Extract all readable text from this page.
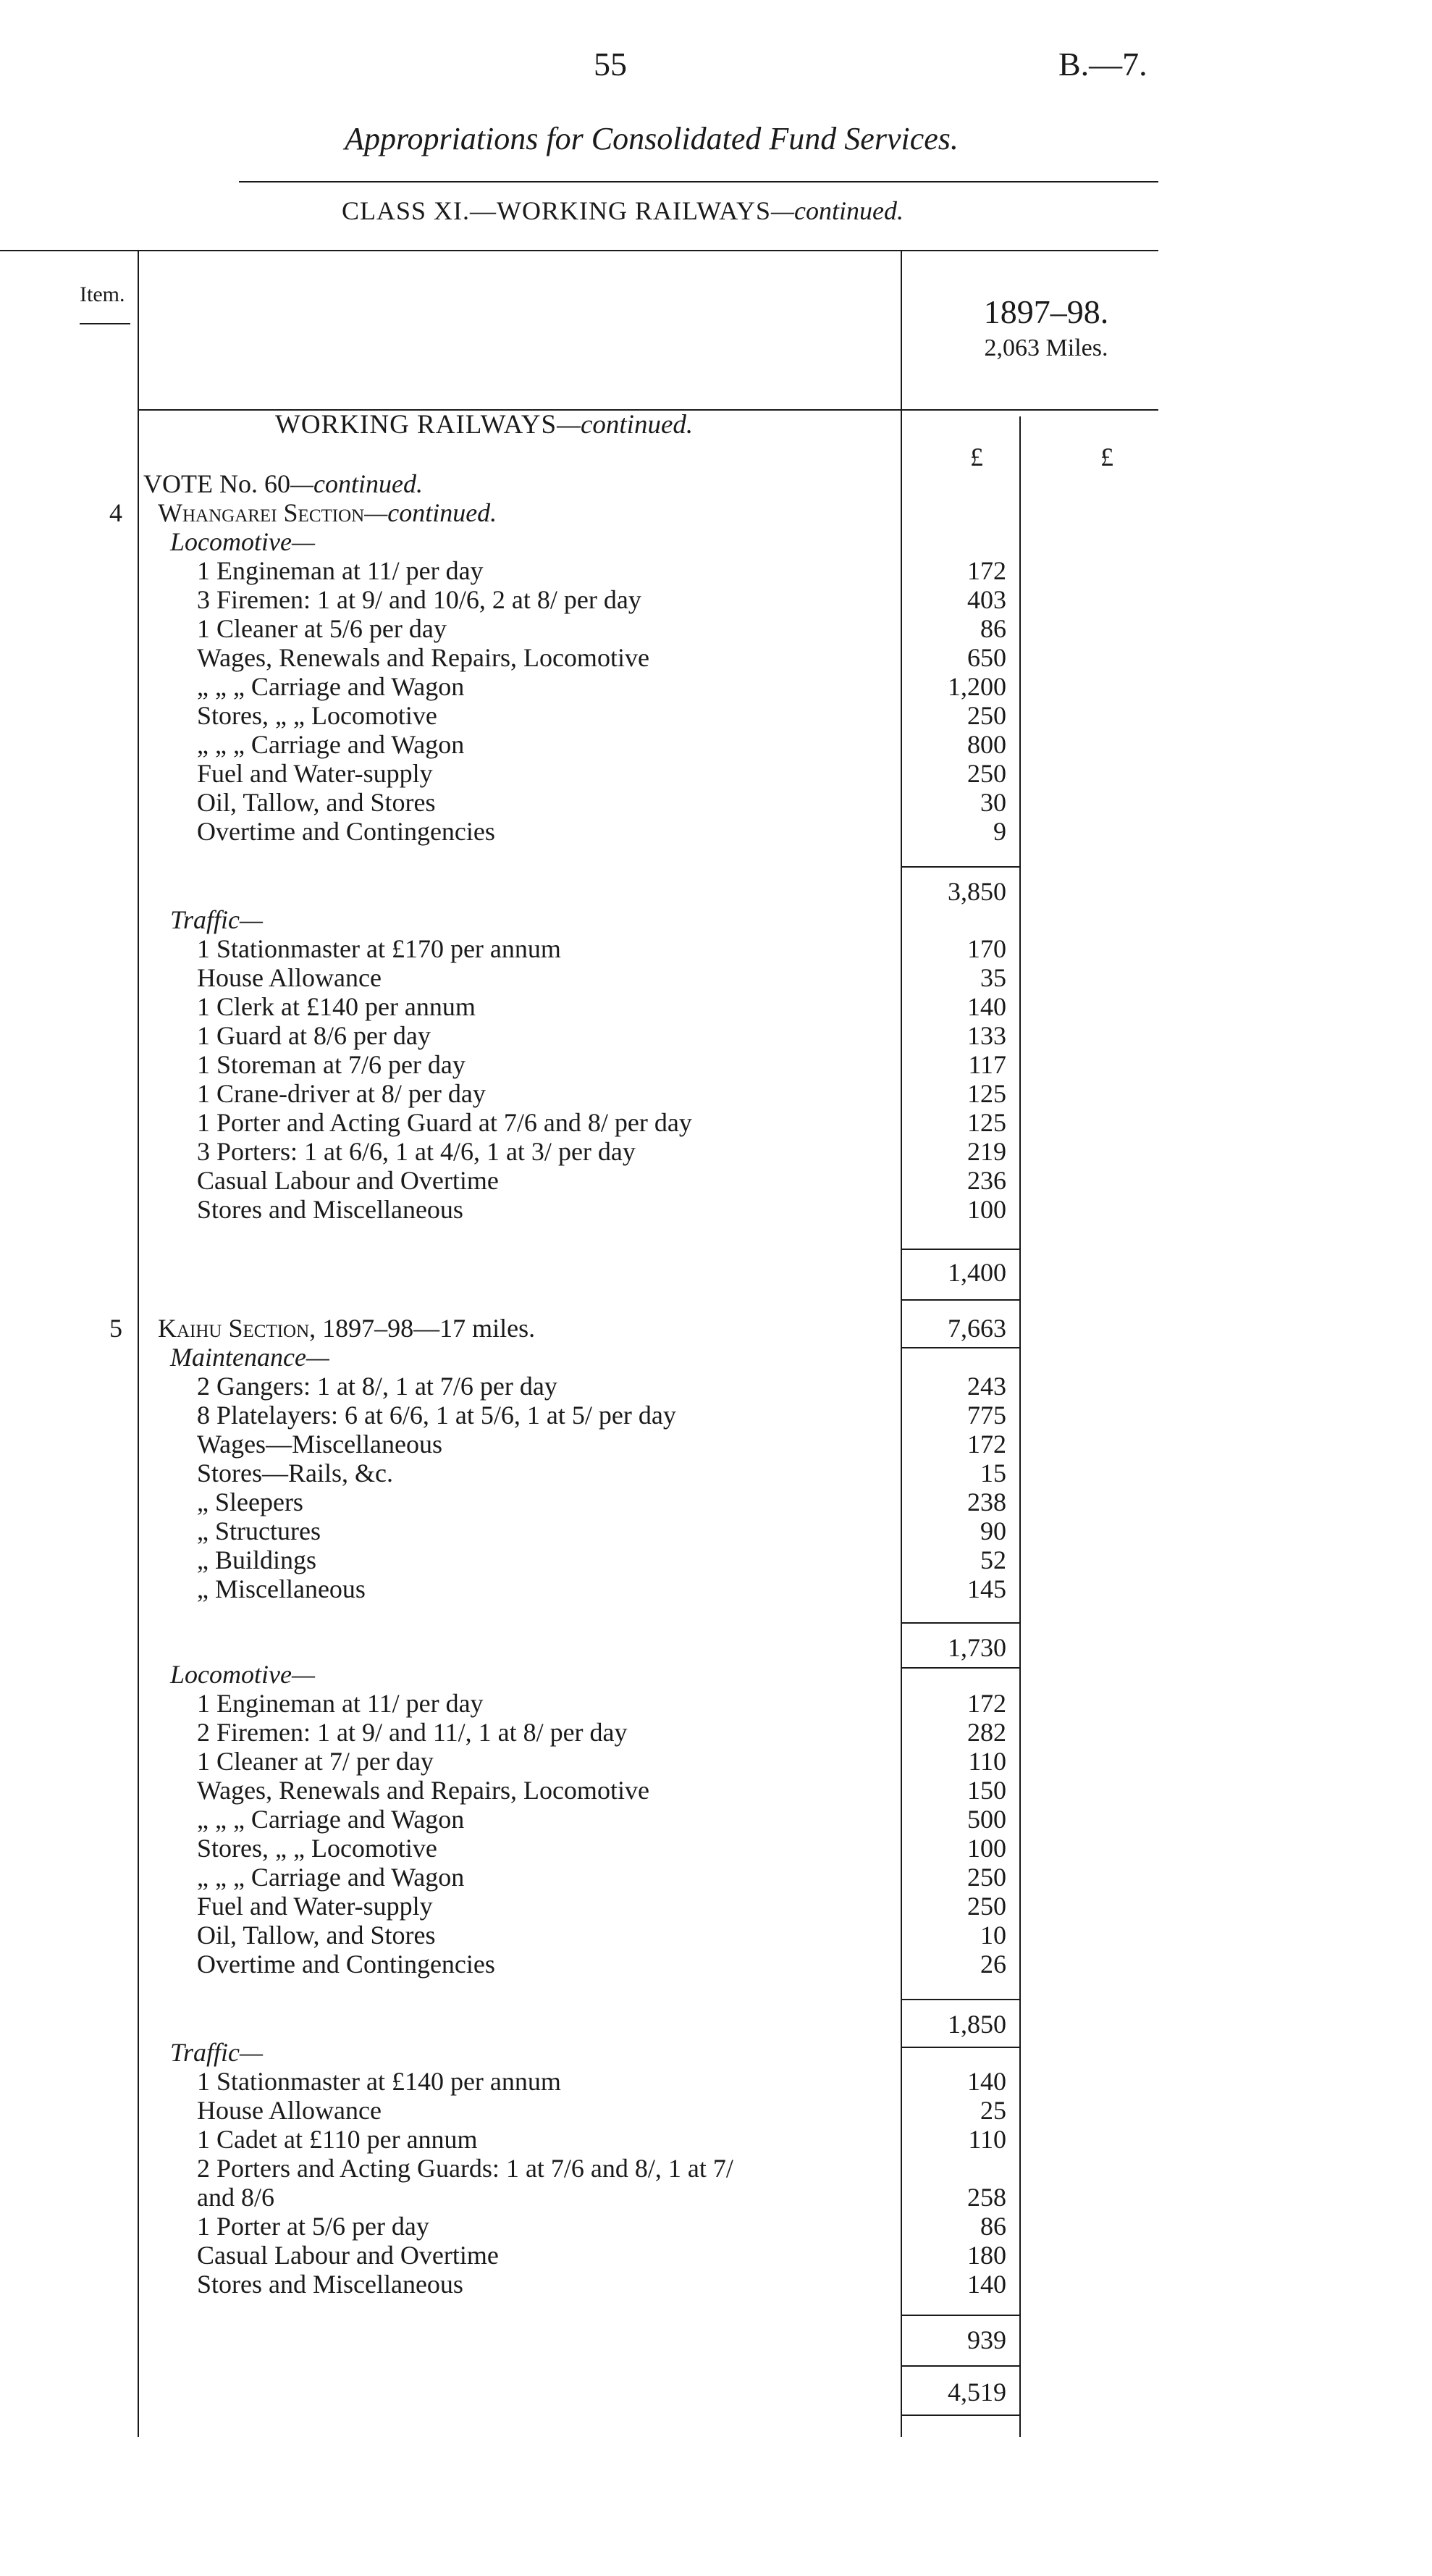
55	B.—7.
Appropriations for Consolidated Fund Services.
CLASS XI.—WORKING RAILWAYS—continued.
Item.	1897–98.
2,063 Miles.
WORKING RAILWAYS—continued.
£	£
VOTE No. 60—continued.
4 Whangarei Section—continued.
Locomotive—
1 Engineman at 11/ per day	172
3 Firemen: 1 at 9/ and 10/6, 2 at 8/ per day	403
1 Cleaner at 5/6 per day	86
Wages, Renewals and Repairs, Locomotive	650
„ „ „ Carriage and Wagon	1,200
Stores, „ „ Locomotive	250
„ „ „ Carriage and Wagon	800
Fuel and Water-supply	250
Oil, Tallow, and Stores	30
Overtime and Contingencies	9
3,850
Traffic—
1 Stationmaster at £170 per annum	170
House Allowance	35
1 Clerk at £140 per annum	140
1 Guard at 8/6 per day	133
1 Storeman at 7/6 per day	117
1 Crane-driver at 8/ per day	125
1 Porter and Acting Guard at 7/6 and 8/ per day	125
3 Porters: 1 at 6/6, 1 at 4/6, 1 at 3/ per day	219
Casual Labour and Overtime	236
Stores and Miscellaneous	100
1,400
5 Kaihu Section, 1897–98—17 miles.	7,663
Maintenance—
2 Gangers: 1 at 8/, 1 at 7/6 per day	243
8 Platelayers: 6 at 6/6, 1 at 5/6, 1 at 5/ per day	775
Wages—Miscellaneous	172
Stores—Rails, &c.	15
„ Sleepers	238
„ Structures	90
„ Buildings	52
„ Miscellaneous	145
1,730
Locomotive—
1 Engineman at 11/ per day	172
2 Firemen: 1 at 9/ and 11/, 1 at 8/ per day	282
1 Cleaner at 7/ per day	110
Wages, Renewals and Repairs, Locomotive	150
„ „ „ Carriage and Wagon	500
Stores, „ „ Locomotive	100
„ „ „ Carriage and Wagon	250
Fuel and Water-supply	250
Oil, Tallow, and Stores	10
Overtime and Contingencies	26
1,850
Traffic—
1 Stationmaster at £140 per annum	140
House Allowance	25
1 Cadet at £110 per annum	110
2 Porters and Acting Guards: 1 at 7/6 and 8/, 1 at 7/
and 8/6	258
1 Porter at 5/6 per day	86
Casual Labour and Overtime	180
Stores and Miscellaneous	140
939
4,519
